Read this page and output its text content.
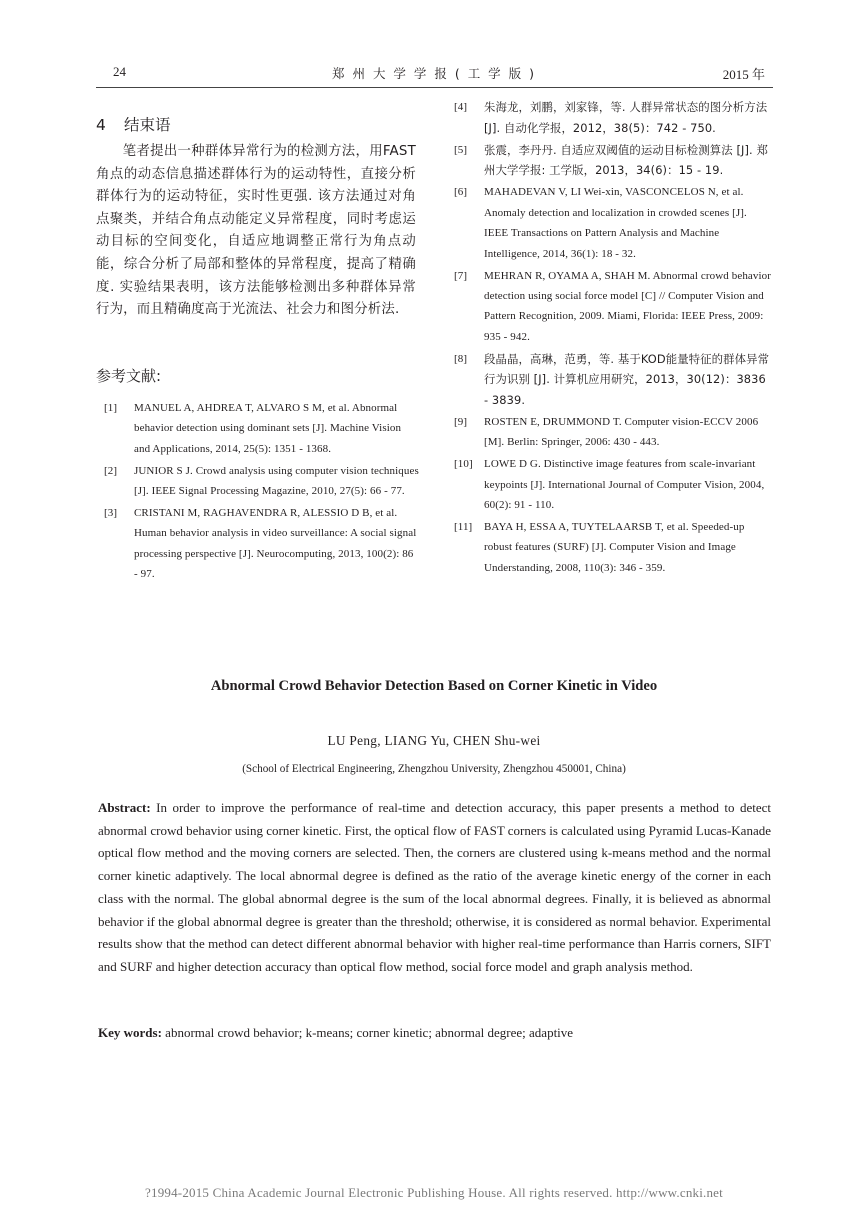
24	郑 州 大 学 学 报 ( 工 学 版 )	2015 年
4 结束语

笔者提出一种群体异常行为的检测方法，用FAST角点的动态信息描述群体行为的运动特性，直接分析群体行为的运动特征，实时性更强. 该方法通过对角点聚类，并结合角点动能定义异常程度，同时考虑运动目标的空间变化，自适应地调整正常行为角点动能，综合分析了局部和整体的异常程度，提高了精确度. 实验结果表明，该方法能够检测出多种群体异常行为，而且精确度高于光流法、社会力和图分析法.

参考文献:
[1] MANUEL A, AHDREA T, ALVARO S M, et al. Abnormal behavior detection using dominant sets [J]. Machine Vision and Applications, 2014, 25(5): 1351 - 1368.
[2] JUNIOR S J. Crowd analysis using computer vision techniques [J]. IEEE Signal Processing Magazine, 2010, 27(5): 66 - 77.
[3] CRISTANI M, RAGHAVENDRA R, ALESSIO D B, et al. Human behavior analysis in video surveillance: A social signal processing perspective [J]. Neurocomputing, 2013, 100(2): 86 - 97.
[4] 朱海龙，刘鹏，刘家锋，等. 人群异常状态的图分析方法 [J]. 自动化学报，2012，38(5)：742 - 750.
[5] 张震，李丹丹. 自适应双阈值的运动目标检测算法 [J]. 郑州大学学报: 工学版，2013，34(6)：15 - 19.
[6] MAHADEVAN V, LI Wei-xin, VASCONCELOS N, et al. Anomaly detection and localization in crowded scenes [J]. IEEE Transactions on Pattern Analysis and Machine Intelligence, 2014, 36(1): 18 - 32.
[7] MEHRAN R, OYAMA A, SHAH M. Abnormal crowd behavior detection using social force model [C] // Computer Vision and Pattern Recognition, 2009. Miami, Florida: IEEE Press, 2009: 935 - 942.
[8] 段晶晶，高琳，范勇，等. 基于KOD能量特征的群体异常行为识别 [J]. 计算机应用研究，2013，30(12)：3836 - 3839.
[9] ROSTEN E, DRUMMOND T. Computer vision-ECCV 2006 [M]. Berlin: Springer, 2006: 430 - 443.
[10] LOWE D G. Distinctive image features from scale-invariant keypoints [J]. International Journal of Computer Vision, 2004, 60(2): 91 - 110.
[11] BAYA H, ESSA A, TUYTELAARSB T, et al. Speeded-up robust features (SURF) [J]. Computer Vision and Image Understanding, 2008, 110(3): 346 - 359.
Abnormal Crowd Behavior Detection Based on Corner Kinetic in Video
LU Peng, LIANG Yu, CHEN Shu-wei
(School of Electrical Engineering, Zhengzhou University, Zhengzhou 450001, China)

Abstract: In order to improve the performance of real-time and detection accuracy, this paper presents a method to detect abnormal crowd behavior using corner kinetic. First, the optical flow of FAST corners is calculated using Pyramid Lucas-Kanade optical flow method and the moving corners are selected. Then, the corners are clustered using k-means method and the normal corner kinetic adaptively. The local abnormal degree is defined as the ratio of the average kinetic energy of the corner in each class with the normal. The global abnormal degree is the sum of the local abnormal degrees. Finally, it is believed as abnormal behavior if the global abnormal degree is greater than the threshold; otherwise, it is considered as normal behavior. Experimental results show that the method can detect different abnormal behavior with higher real-time performance than Harris corners, SIFT and SURF and higher detection accuracy than optical flow method, social force model and graph analysis method.

Key words: abnormal crowd behavior; k-means; corner kinetic; abnormal degree; adaptive
?1994-2015 China Academic Journal Electronic Publishing House. All rights reserved. http://www.cnki.net
